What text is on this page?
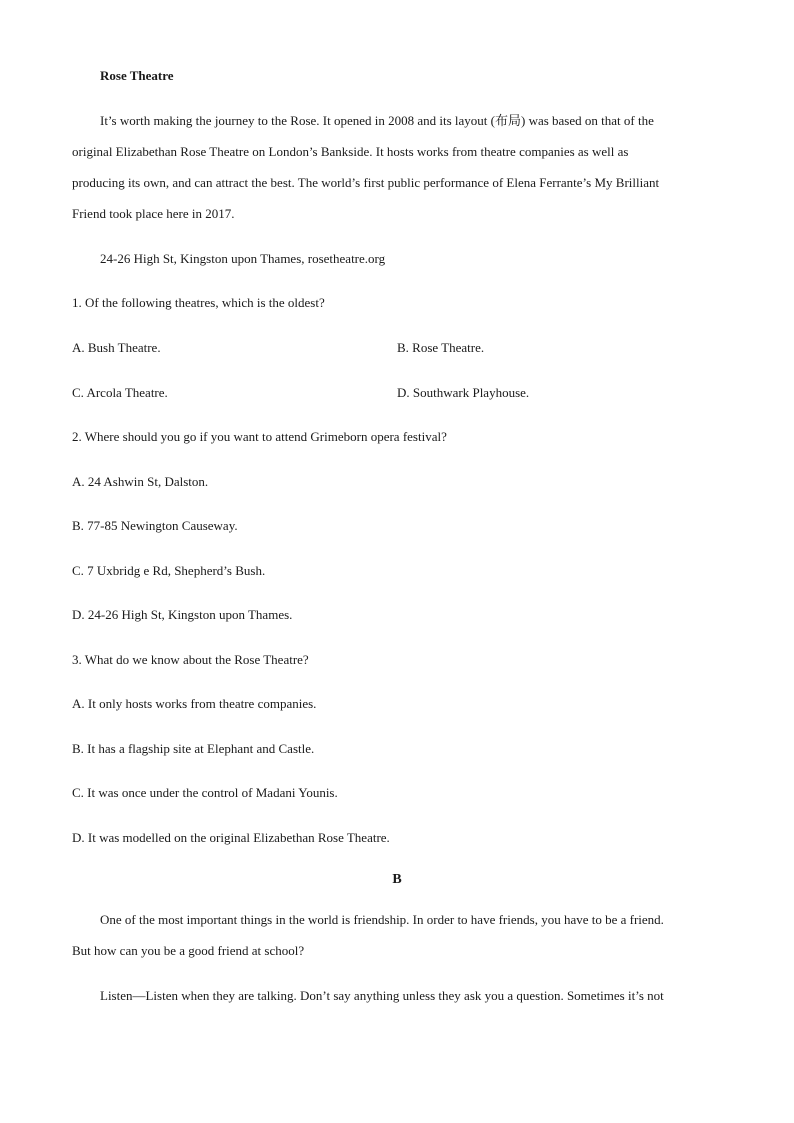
Rose Theatre
It’s worth making the journey to the Rose. It opened in 2008 and its layout (布局) was based on that of the
original Elizabethan Rose Theatre on London’s Bankside. It hosts works from theatre companies as well as
producing its own, and can attract the best. The world’s first public performance of Elena Ferrante’s My Brilliant
Friend took place here in 2017.
24-26 High St, Kingston upon Thames, rosetheatre.org
1. Of the following theatres, which is the oldest?
A. Bush Theatre.	B. Rose Theatre.
C. Arcola Theatre.	D. Southwark Playhouse.
2. Where should you go if you want to attend Grimeborn opera festival?
A. 24 Ashwin St, Dalston.
B. 77-85 Newington Causeway.
C. 7 Uxbridg e Rd, Shepherd’s Bush.
D. 24-26 High St, Kingston upon Thames.
3. What do we know about the Rose Theatre?
A. It only hosts works from theatre companies.
B. It has a flagship site at Elephant and Castle.
C. It was once under the control of Madani Younis.
D. It was modelled on the original Elizabethan Rose Theatre.
B
One of the most important things in the world is friendship. In order to have friends, you have to be a friend.
But how can you be a good friend at school?
Listen—Listen when they are talking. Don’t say anything unless they ask you a question. Sometimes it’s not
